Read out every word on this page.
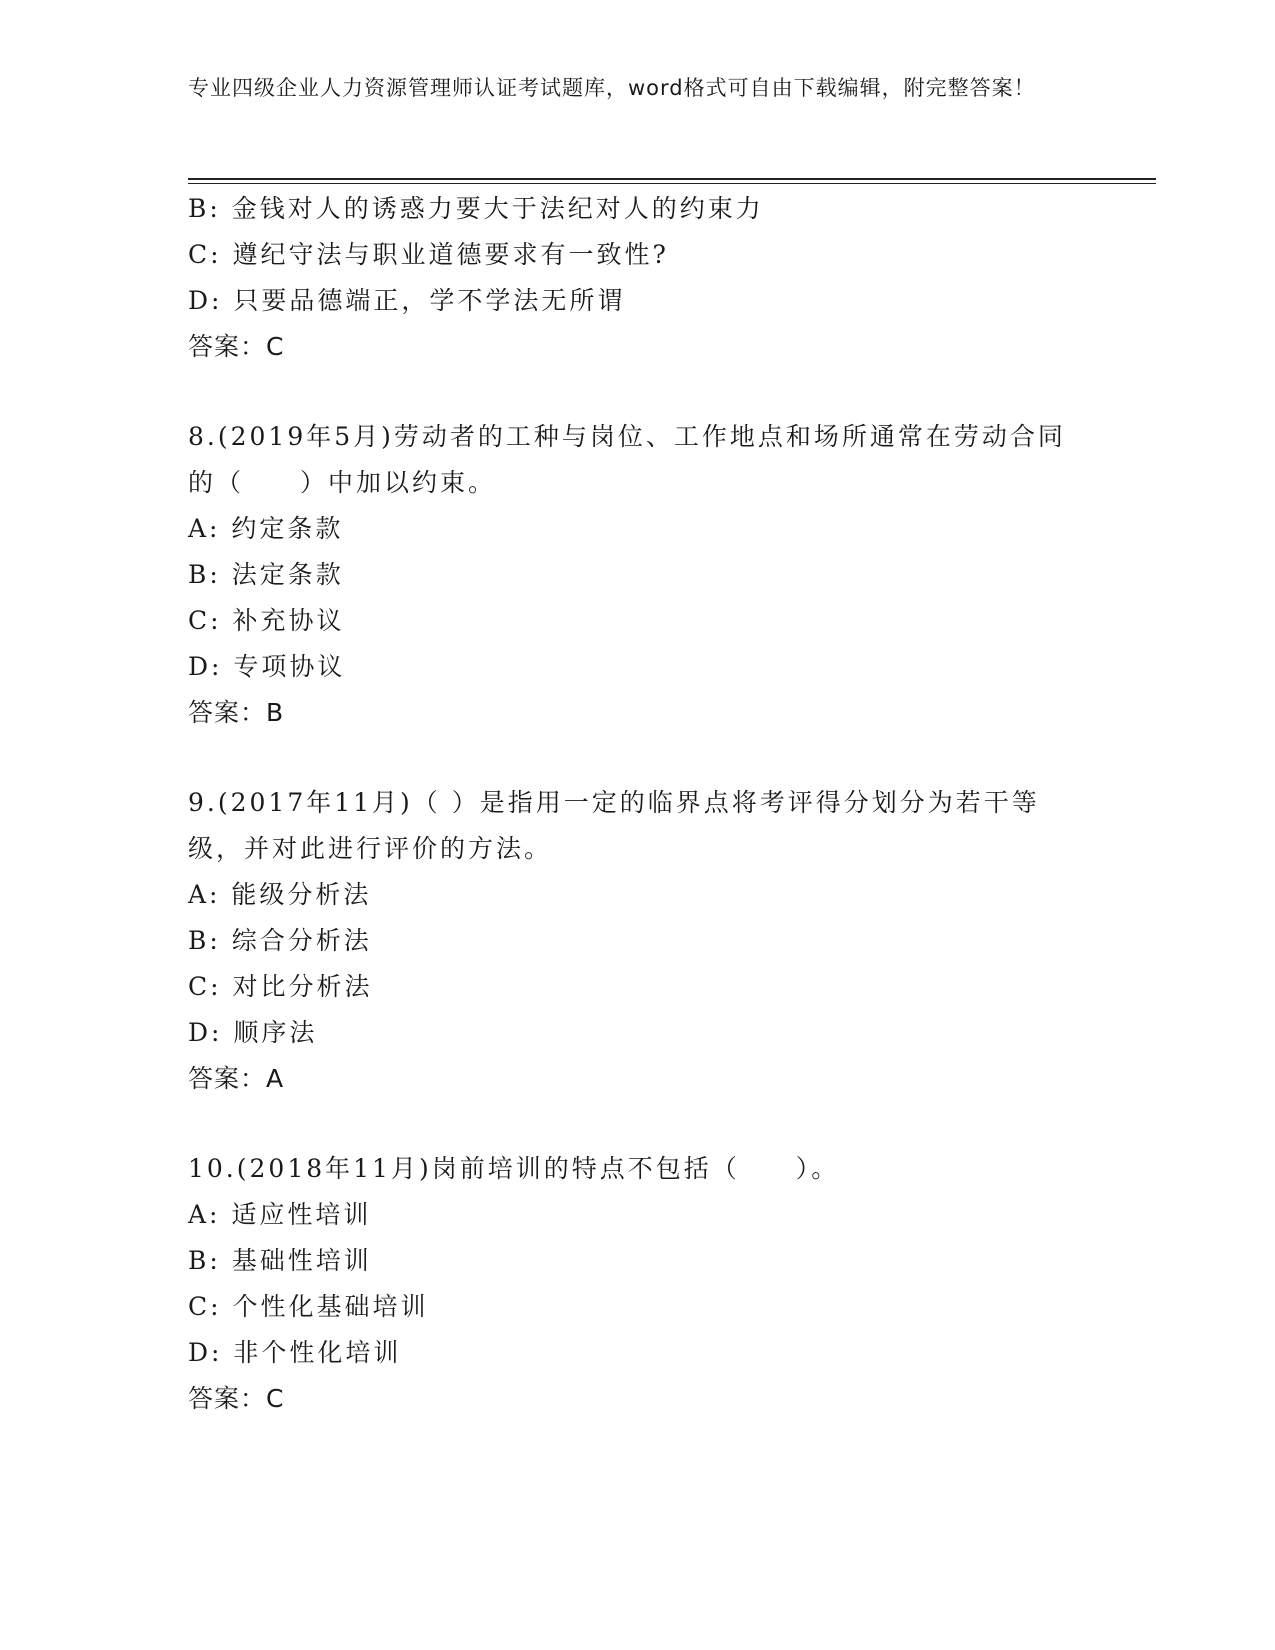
专业四级企业人力资源管理师认证考试题库，word格式可自由下载编辑，附完整答案！

B: 金钱对人的诱惑力要大于法纪对人的约束力

C: 遵纪守法与职业道德要求有一致性?

D: 只要品德端正，学不学法无所谓

答案：C

8.(2019年5月)劳动者的工种与岗位、工作地点和场所通常在劳动合同的（　　）中加以约束。

A: 约定条款

B: 法定条款

C: 补充协议

D: 专项协议

答案：B

9.(2017年11月)（ ）是指用一定的临界点将考评得分划分为若干等级，并对此进行评价的方法。

A: 能级分析法

B: 综合分析法

C: 对比分析法

D: 顺序法

答案：A

10.(2018年11月)岗前培训的特点不包括（　　）。

A: 适应性培训

B: 基础性培训

C: 个性化基础培训

D: 非个性化培训

答案：C
